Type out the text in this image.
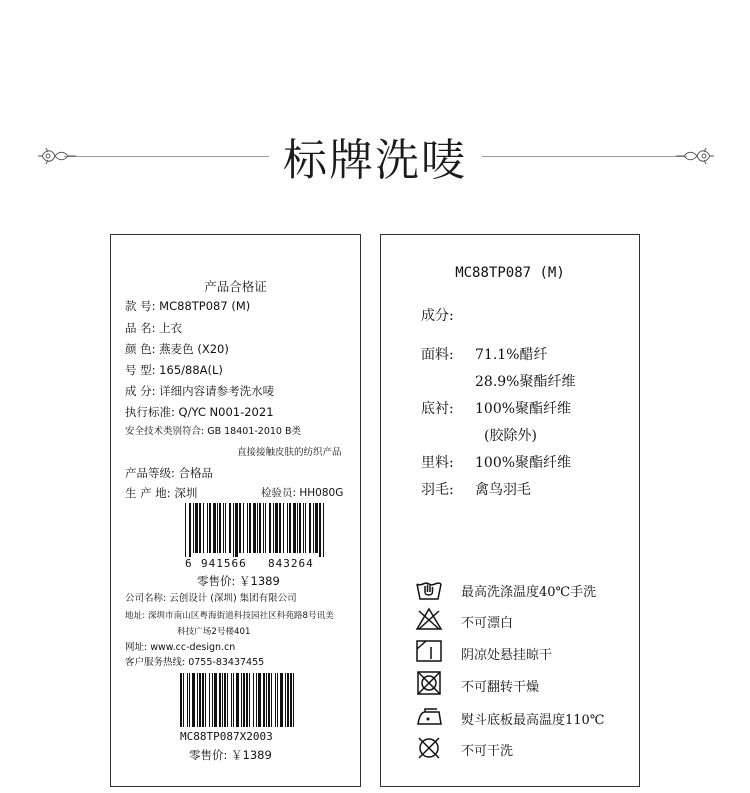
标牌洗唛
产品合格证
款 号: MC88TP087 (M)
品 名: 上衣
颜 色: 燕麦色 (X20)
号 型: 165/88A(L)
成 分: 详细内容请参考洗水唛
执行标准: Q/YC N001-2021
安全技术类别符合: GB 18401-2010 B类
直接接触皮肤的纺织产品
产品等级: 合格品
生 产 地: 深圳	检验员: HH080G
6 941566 843264
零售价: ￥1389
公司名称: 云创设计 (深圳) 集团有限公司
地址: 深圳市南山区粤海街道科技园社区科苑路8号讯美
科技广场2号楼401
网址: www.cc-design.cn
客户服务热线: 0755-83437455
MC88TP087X2003
零售价: ￥1389
MC88TP087 (M)
成分:
面料: 71.1%醋纤
28.9%聚酯纤维
底衬: 100%聚酯纤维
(胶除外)
里料: 100%聚酯纤维
羽毛: 禽鸟羽毛
最高洗涤温度40℃手洗
不可漂白
阴凉处悬挂晾干
不可翻转干燥
熨斗底板最高温度110℃
不可干洗
